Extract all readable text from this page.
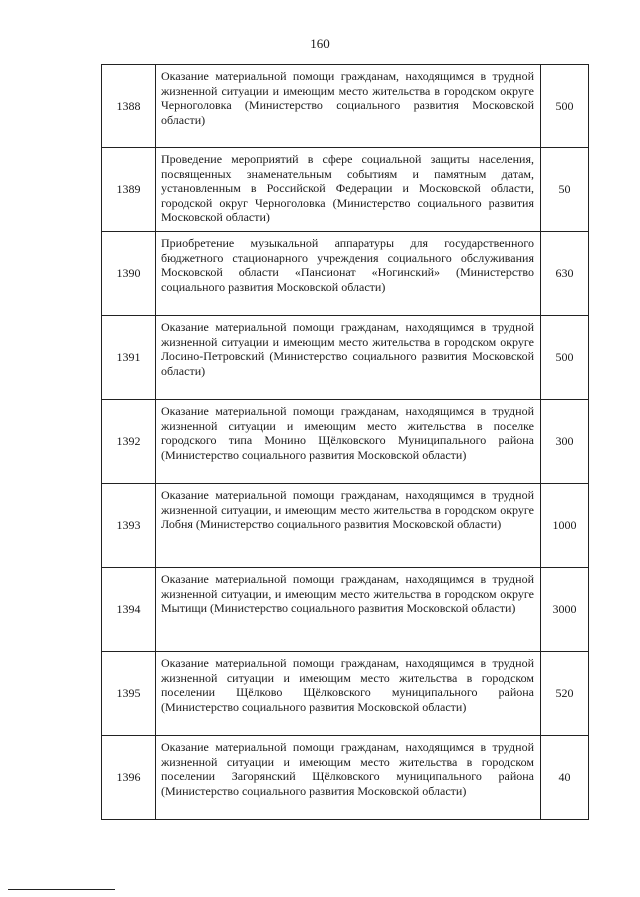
160
1388	Оказание материальной помощи гражданам, находящимся в трудной жизненной ситуации и имеющим место жительства в городском округе Черноголовка (Министерство социального развития Московской области)	500
1389	Проведение мероприятий в сфере социальной защиты населения, посвященных знаменательным событиям и памятным датам, установленным в Российской Федерации и Московской области, городской округ Черноголовка (Министерство социального развития Московской области)	50
1390	Приобретение музыкальной аппаратуры для государственного бюджетного стационарного учреждения социального обслуживания Московской области «Пансионат «Ногинский» (Министерство социального развития Московской области)	630
1391	Оказание материальной помощи гражданам, находящимся в трудной жизненной ситуации и имеющим место жительства в городском округе Лосино-Петровский (Министерство социального развития Московской области)	500
1392	Оказание материальной помощи гражданам, находящимся в трудной жизненной ситуации и имеющим место жительства в поселке городского типа Монино Щёлковского Муниципального района (Министерство социального развития Московской области)	300
1393	Оказание материальной помощи гражданам, находящимся в трудной жизненной ситуации, и имеющим место жительства в городском округе Лобня (Министерство социального развития Московской области)	1000
1394	Оказание материальной помощи гражданам, находящимся в трудной жизненной ситуации, и имеющим место жительства в городском округе Мытищи (Министерство социального развития Московской области)	3000
1395	Оказание материальной помощи гражданам, находящимся в трудной жизненной ситуации и имеющим место жительства в городском поселении Щёлково Щёлковского муниципального района (Министерство социального развития Московской области)	520
1396	Оказание материальной помощи гражданам, находящимся в трудной жизненной ситуации и имеющим место жительства в городском поселении Загорянский Щёлковского муниципального района (Министерство социального развития Московской области)	40
